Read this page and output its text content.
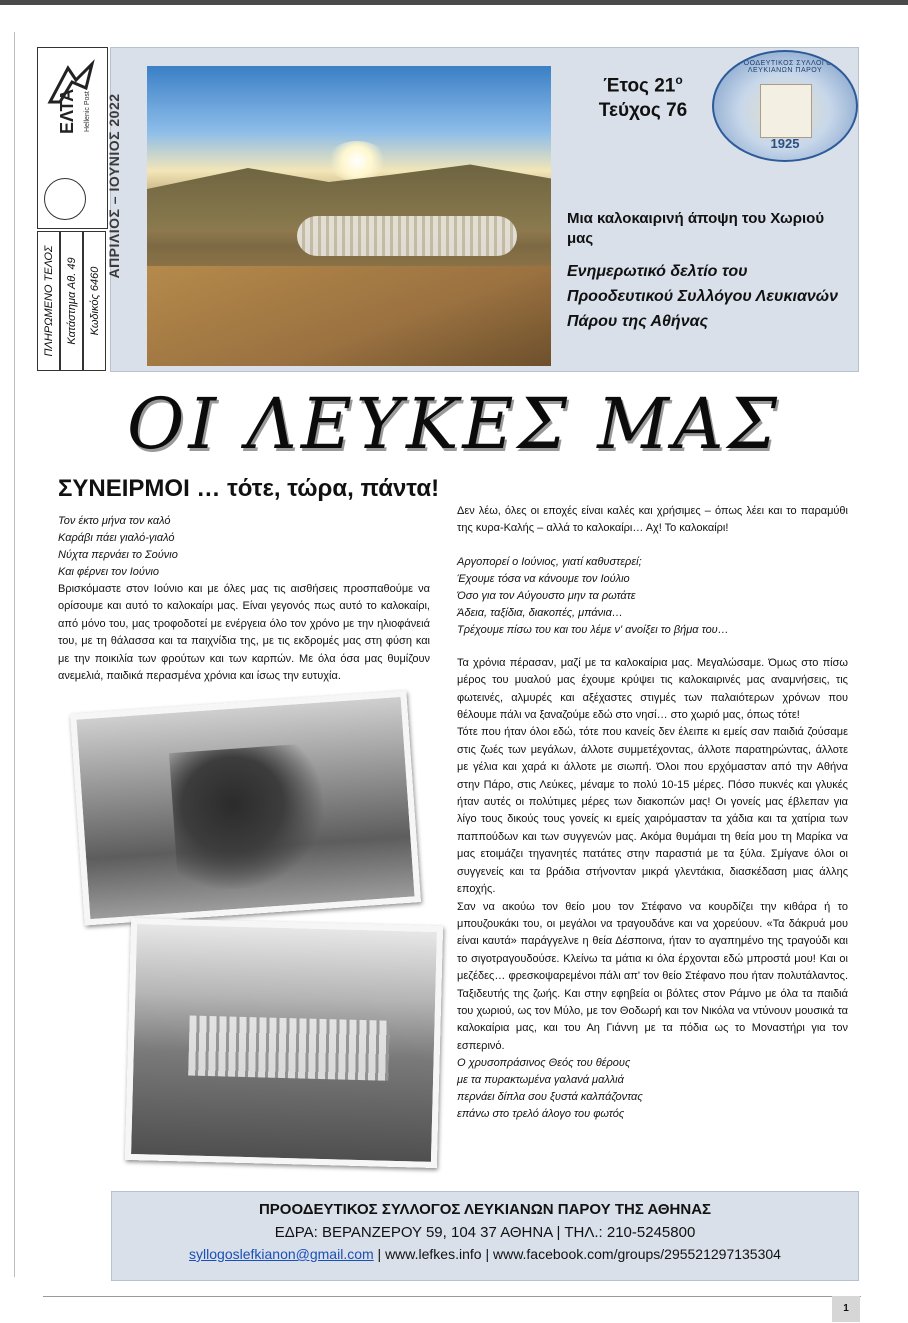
ΕΛΤΑ Hellenic Post
ΠΛΗΡΩΜΕΝΟ ΤΕΛΟΣ Κατάστημα Αθ. 49 Κωδικός 6460
ΑΠΡΙΛΙΟΣ – ΙΟΥΝΙΟΣ 2022
Έτος $21^o$
Τεύχος 76
ΠΡΟΟΔΕΥΤΙΚΟΣ ΣΥΛΛΟΓΟΣ ΛΕΥΚΙΑΝΩΝ ΠΑΡΟΥ
1925
Μια καλοκαιρινή άποψη του Χωριού μας
Ενημερωτικό δελτίο του Προοδευτικού Συλλόγου Λευκιανών Πάρου της Αθήνας
ΟΙ ΛΕΥΚΕΣ ΜΑΣ
ΣΥΝΕΙΡΜΟΙ … τότε, τώρα, πάντα!

Τον έκτο μήνα τον καλό

Καράβι πάει γιαλό-γιαλό

Νύχτα περνάει το Σούνιο

Και φέρνει τον Ιούνιο

Βρισκόμαστε στον Ιούνιο και με όλες μας τις αισθήσεις προσπαθούμε να ορίσουμε και αυτό το καλοκαίρι μας. Είναι γεγονός πως αυτό το καλοκαίρι, από μόνο του, μας τροφοδοτεί με ενέργεια όλο τον χρόνο με την ηλιοφάνειά του, με τη θάλασσα και τα παιχνίδια της, με τις εκδρομές μας στη φύση και με την ποικιλία των φρούτων και των καρπών. Με όλα όσα μας θυμίζουν ανεμελιά, παιδικά περασμένα χρόνια και ίσως την ευτυχία.

Δεν λέω, όλες οι εποχές είναι καλές και χρήσιμες – όπως λέει και το παραμύθι της κυρα-Καλής – αλλά το καλοκαίρι… Αχ! Το καλοκαίρι!

Αργοπορεί ο Ιούνιος, γιατί καθυστερεί;

Έχουμε τόσα να κάνουμε τον Ιούλιο

Όσο για τον Αύγουστο μην τα ρωτάτε

Άδεια, ταξίδια, διακοπές, μπάνια…

Τρέχουμε πίσω του και του λέμε ν' ανοίξει το βήμα του…

Τα χρόνια πέρασαν, μαζί με τα καλοκαίρια μας. Μεγαλώσαμε. Όμως στο πίσω μέρος του μυαλού μας έχουμε κρύψει τις καλοκαιρινές μας αναμνήσεις, τις φωτεινές, αλμυρές και αξέχαστες στιγμές των παλαιότερων χρόνων που θέλουμε πάλι να ξαναζούμε εδώ στο νησί… στο χωριό μας, όπως τότε!

Τότε που ήταν όλοι εδώ, τότε που κανείς δεν έλειπε κι εμείς σαν παιδιά ζούσαμε στις ζωές των μεγάλων, άλλοτε συμμετέχοντας, άλλοτε παρατηρώντας, άλλοτε με γέλια και χαρά κι άλλοτε με σιωπή. Όλοι που ερχόμασταν από την Αθήνα στην Πάρο, στις Λεύκες, μέναμε το πολύ 10-15 μέρες. Πόσο πυκνές και γλυκές ήταν αυτές οι πολύτιμες μέρες των διακοπών μας! Οι γονείς μας έβλεπαν για λίγο τους δικούς τους γονείς κι εμείς χαιρόμασταν τα χάδια και τα χατίρια των παππούδων και των συγγενών μας. Ακόμα θυμάμαι τη θεία μου τη Μαρίκα να μας ετοιμάζει τηγανητές πατάτες στην παραστιά με τα ξύλα. Σμίγανε όλοι οι συγγενείς και τα βράδια στήνονταν μικρά γλεντάκια, διασκέδαση μιας άλλης εποχής.

Σαν να ακούω τον θείο μου τον Στέφανο να κουρδίζει την κιθάρα ή το μπουζουκάκι του, οι μεγάλοι να τραγουδάνε και να χορεύουν. «Τα δάκρυά μου είναι καυτά» παράγγελνε η θεία Δέσποινα, ήταν το αγαπημένο της τραγούδι και το σιγοτραγουδούσε. Κλείνω τα μάτια κι όλα έρχονται εδώ μπροστά μου! Και οι μεζέδες… φρεσκοψαρεμένοι πάλι απ' τον θείο Στέφανο που ήταν πολυτάλαντος. Ταξιδευτής της ζωής. Και στην εφηβεία οι βόλτες στον Ράμνο με όλα τα παιδιά του χωριού, ως τον Μύλο, με τον Θοδωρή και τον Νικόλα να ντύνουν μουσικά τα καλοκαίρια μας, και του Αη Γιάννη με τα πόδια ως το Μοναστήρι για τον εσπερινό.

Ο χρυσοπράσινος Θεός του θέρους

με τα πυρακτωμένα γαλανά μαλλιά

περνάει δίπλα σου ξυστά καλπάζοντας

επάνω στο τρελό άλογο του φωτός

ΠΡΟΟΔΕΥΤΙΚΟΣ ΣΥΛΛΟΓΟΣ ΛΕΥΚΙΑΝΩΝ ΠΑΡΟΥ ΤΗΣ ΑΘΗΝΑΣ
ΕΔΡΑ: ΒΕΡΑΝΖΕΡΟΥ 59, 104 37 ΑΘΗΝΑ | ΤΗΛ.: 210-5245800
syllogoslefkianon@gmail.com | www.lefkes.info | www.facebook.com/groups/295521297135304
1
